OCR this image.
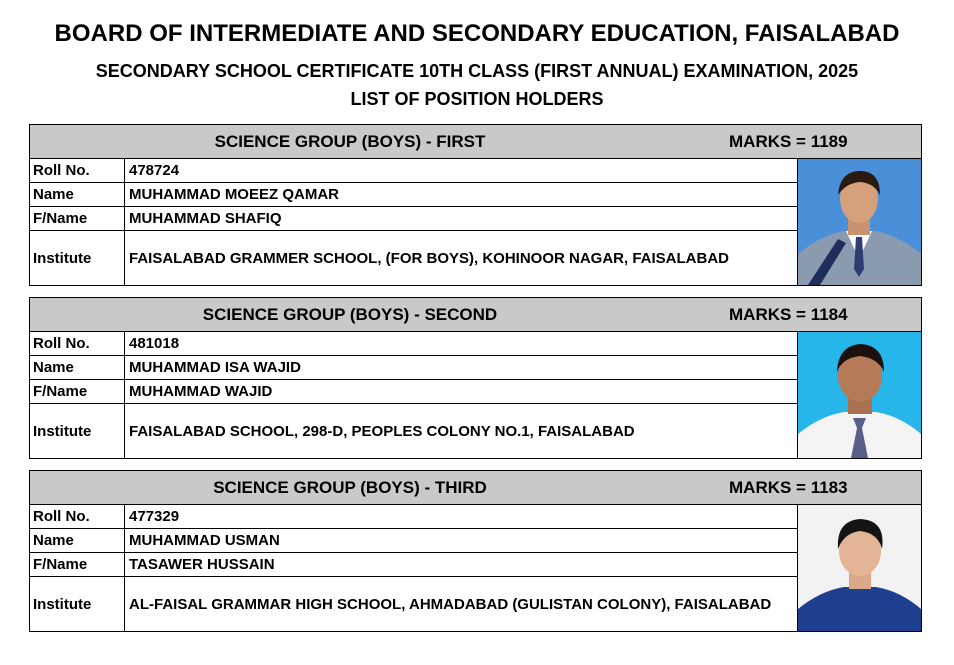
BOARD OF INTERMEDIATE AND SECONDARY EDUCATION, FAISALABAD
SECONDARY SCHOOL CERTIFICATE 10TH CLASS (FIRST ANNUAL) EXAMINATION, 2025
LIST OF POSITION HOLDERS
SCIENCE GROUP (BOYS) - FIRST	MARKS = 1189
Roll No.	478724
Name	MUHAMMAD MOEEZ QAMAR
F/Name	MUHAMMAD SHAFIQ
Institute	FAISALABAD GRAMMER SCHOOL, (FOR BOYS), KOHINOOR NAGAR, FAISALABAD
SCIENCE GROUP (BOYS) - SECOND	MARKS = 1184
Roll No.	481018
Name	MUHAMMAD ISA WAJID
F/Name	MUHAMMAD WAJID
Institute	FAISALABAD SCHOOL, 298-D, PEOPLES COLONY NO.1, FAISALABAD
SCIENCE GROUP (BOYS) - THIRD	MARKS = 1183
Roll No.	477329
Name	MUHAMMAD USMAN
F/Name	TASAWER HUSSAIN
Institute	AL-FAISAL GRAMMAR HIGH SCHOOL, AHMADABAD (GULISTAN COLONY), FAISALABAD
